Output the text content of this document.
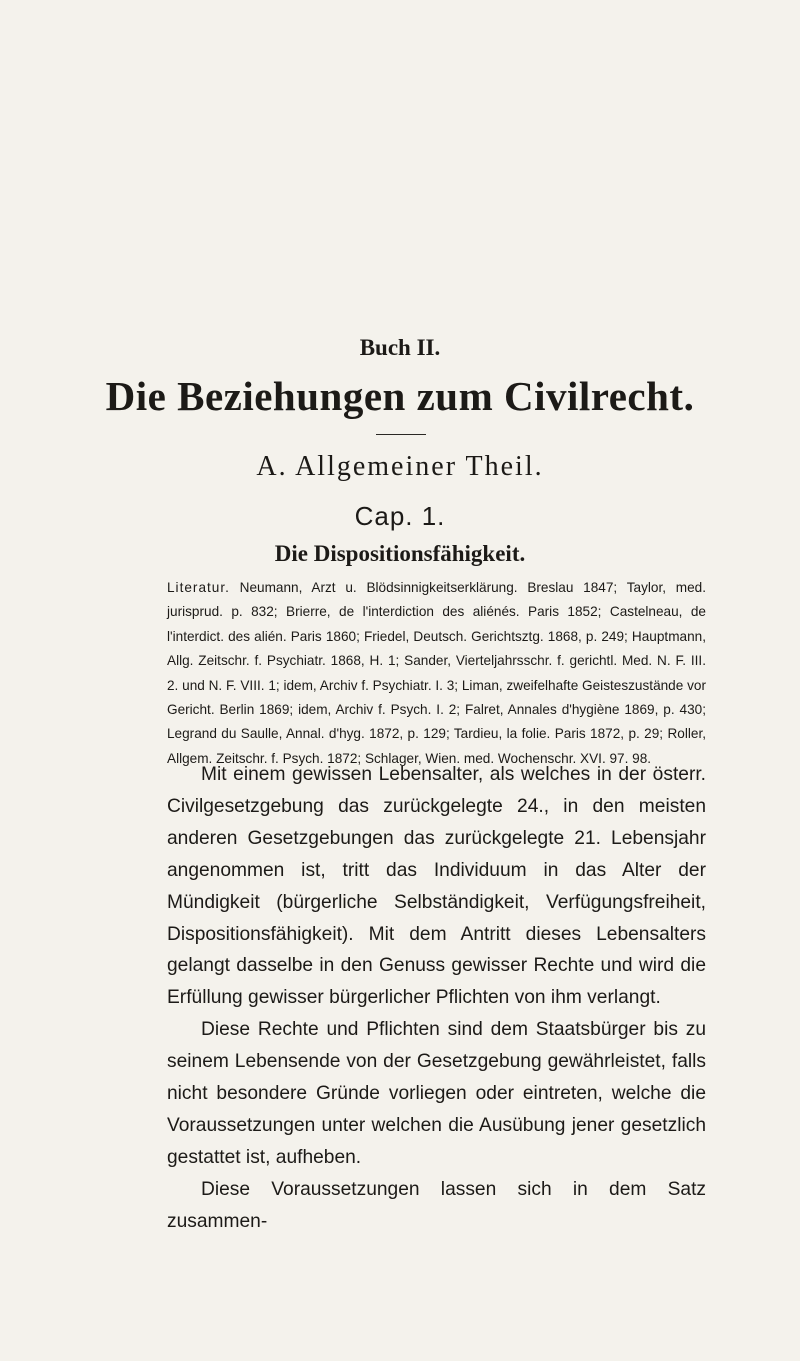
Buch II.
Die Beziehungen zum Civilrecht.
A. Allgemeiner Theil.
Cap. 1.
Die Dispositionsfähigkeit.
Literatur. Neumann, Arzt u. Blödsinnigkeitserklärung. Breslau 1847; Taylor, med. jurisprud. p. 832; Brierre, de l'interdiction des aliénés. Paris 1852; Castelneau, de l'interdict. des alién. Paris 1860; Friedel, Deutsch. Gerichtsztg. 1868, p. 249; Hauptmann, Allg. Zeitschr. f. Psychiatr. 1868, H. 1; Sander, Vierteljahrsschr. f. gerichtl. Med. N. F. III. 2. und N. F. VIII. 1; idem, Archiv f. Psychiatr. I. 3; Liman, zweifelhafte Geisteszustände vor Gericht. Berlin 1869; idem, Archiv f. Psych. I. 2; Falret, Annales d'hygiène 1869, p. 430; Legrand du Saulle, Annal. d'hyg. 1872, p. 129; Tardieu, la folie. Paris 1872, p. 29; Roller, Allgem. Zeitschr. f. Psych. 1872; Schlager, Wien. med. Wochenschr. XVI. 97. 98.

Mit einem gewissen Lebensalter, als welches in der österr. Civilgesetzgebung das zurückgelegte 24., in den meisten anderen Gesetzgebungen das zurückgelegte 21. Lebensjahr angenommen ist, tritt das Individuum in das Alter der Mündigkeit (bürgerliche Selbständigkeit, Verfügungsfreiheit, Dispositionsfähigkeit). Mit dem Antritt dieses Lebensalters gelangt dasselbe in den Genuss gewisser Rechte und wird die Erfüllung gewisser bürgerlicher Pflichten von ihm verlangt.

Diese Rechte und Pflichten sind dem Staatsbürger bis zu seinem Lebensende von der Gesetzgebung gewährleistet, falls nicht besondere Gründe vorliegen oder eintreten, welche die Voraussetzungen unter welchen die Ausübung jener gesetzlich gestattet ist, aufheben.

Diese Voraussetzungen lassen sich in dem Satz zusammen-
